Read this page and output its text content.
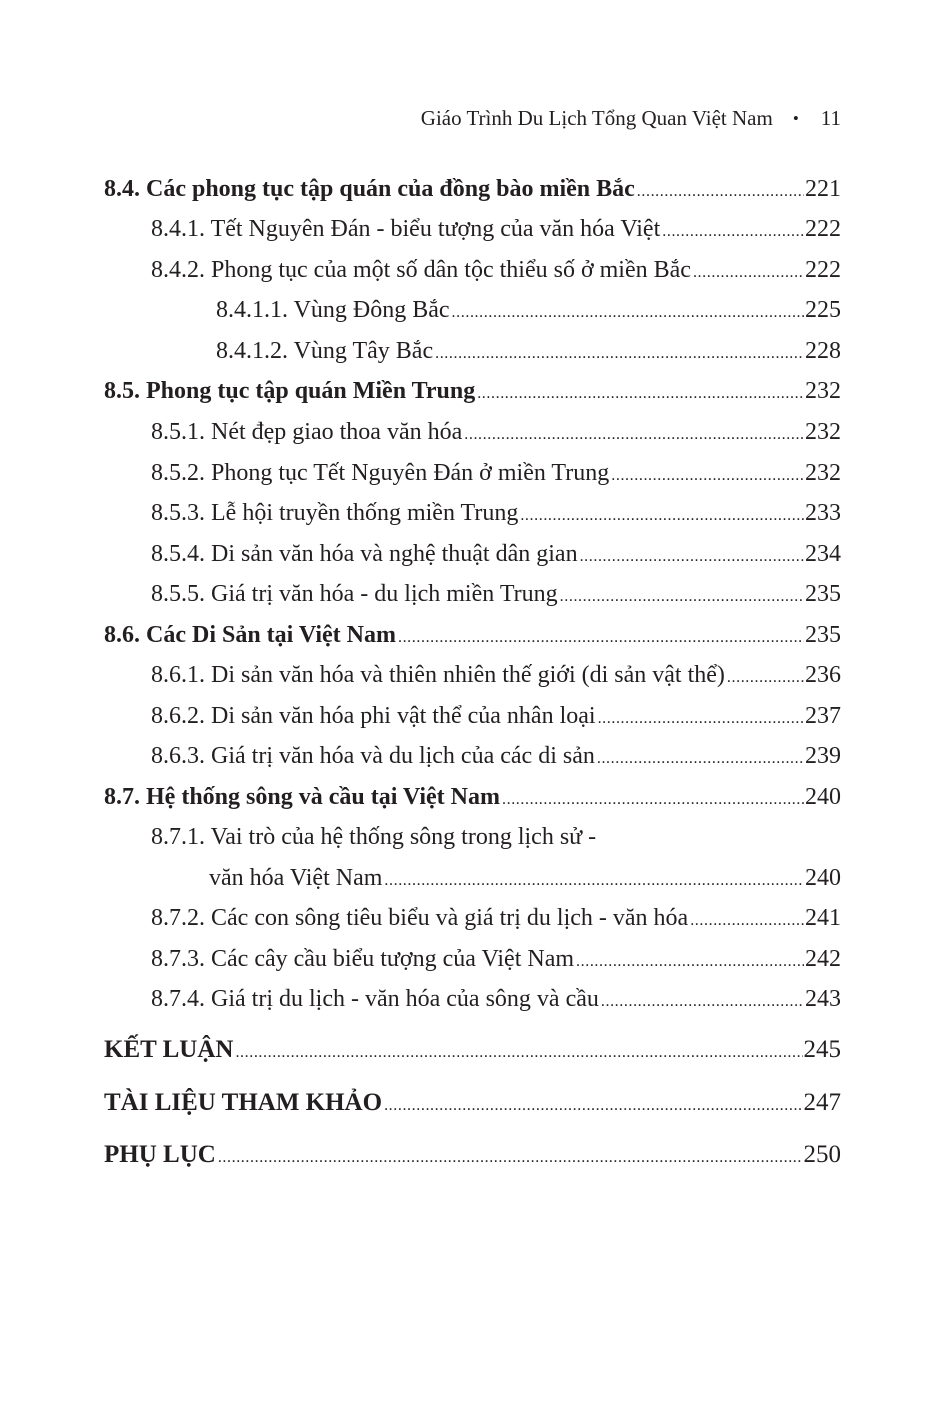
Giáo Trình Du Lịch Tổng Quan Việt Nam • 11
8.4. Các phong tục tập quán của đồng bào miền Bắc .....	221
8.4.1. Tết Nguyên Đán - biểu tượng của văn hóa Việt .....	222
8.4.2. Phong tục của một số dân tộc thiểu số ở miền Bắc .....	222
8.4.1.1. Vùng Đông Bắc .....	225
8.4.1.2. Vùng Tây Bắc .....	228
8.5. Phong tục tập quán Miền Trung .....	232
8.5.1. Nét đẹp giao thoa văn hóa .....	232
8.5.2. Phong tục Tết Nguyên Đán ở miền Trung .....	232
8.5.3. Lễ hội truyền thống miền Trung .....	233
8.5.4. Di sản văn hóa và nghệ thuật dân gian .....	234
8.5.5. Giá trị văn hóa - du lịch miền Trung .....	235
8.6. Các Di Sản tại Việt Nam .....	235
8.6.1. Di sản văn hóa và thiên nhiên thế giới (di sản vật thể) .....	236
8.6.2. Di sản văn hóa phi vật thể của nhân loại .....	237
8.6.3. Giá trị văn hóa và du lịch của các di sản .....	239
8.7. Hệ thống sông và cầu tại Việt Nam .....	240
8.7.1. Vai trò của hệ thống sông trong lịch sử -
văn hóa Việt Nam .....	240
8.7.2. Các con sông tiêu biểu và giá trị du lịch - văn hóa .....	241
8.7.3. Các cây cầu biểu tượng của Việt Nam .....	242
8.7.4. Giá trị du lịch - văn hóa của sông và cầu .....	243
KẾT LUẬN .....	245
TÀI LIỆU THAM KHẢO .....	247
PHỤ LỤC .....	250
